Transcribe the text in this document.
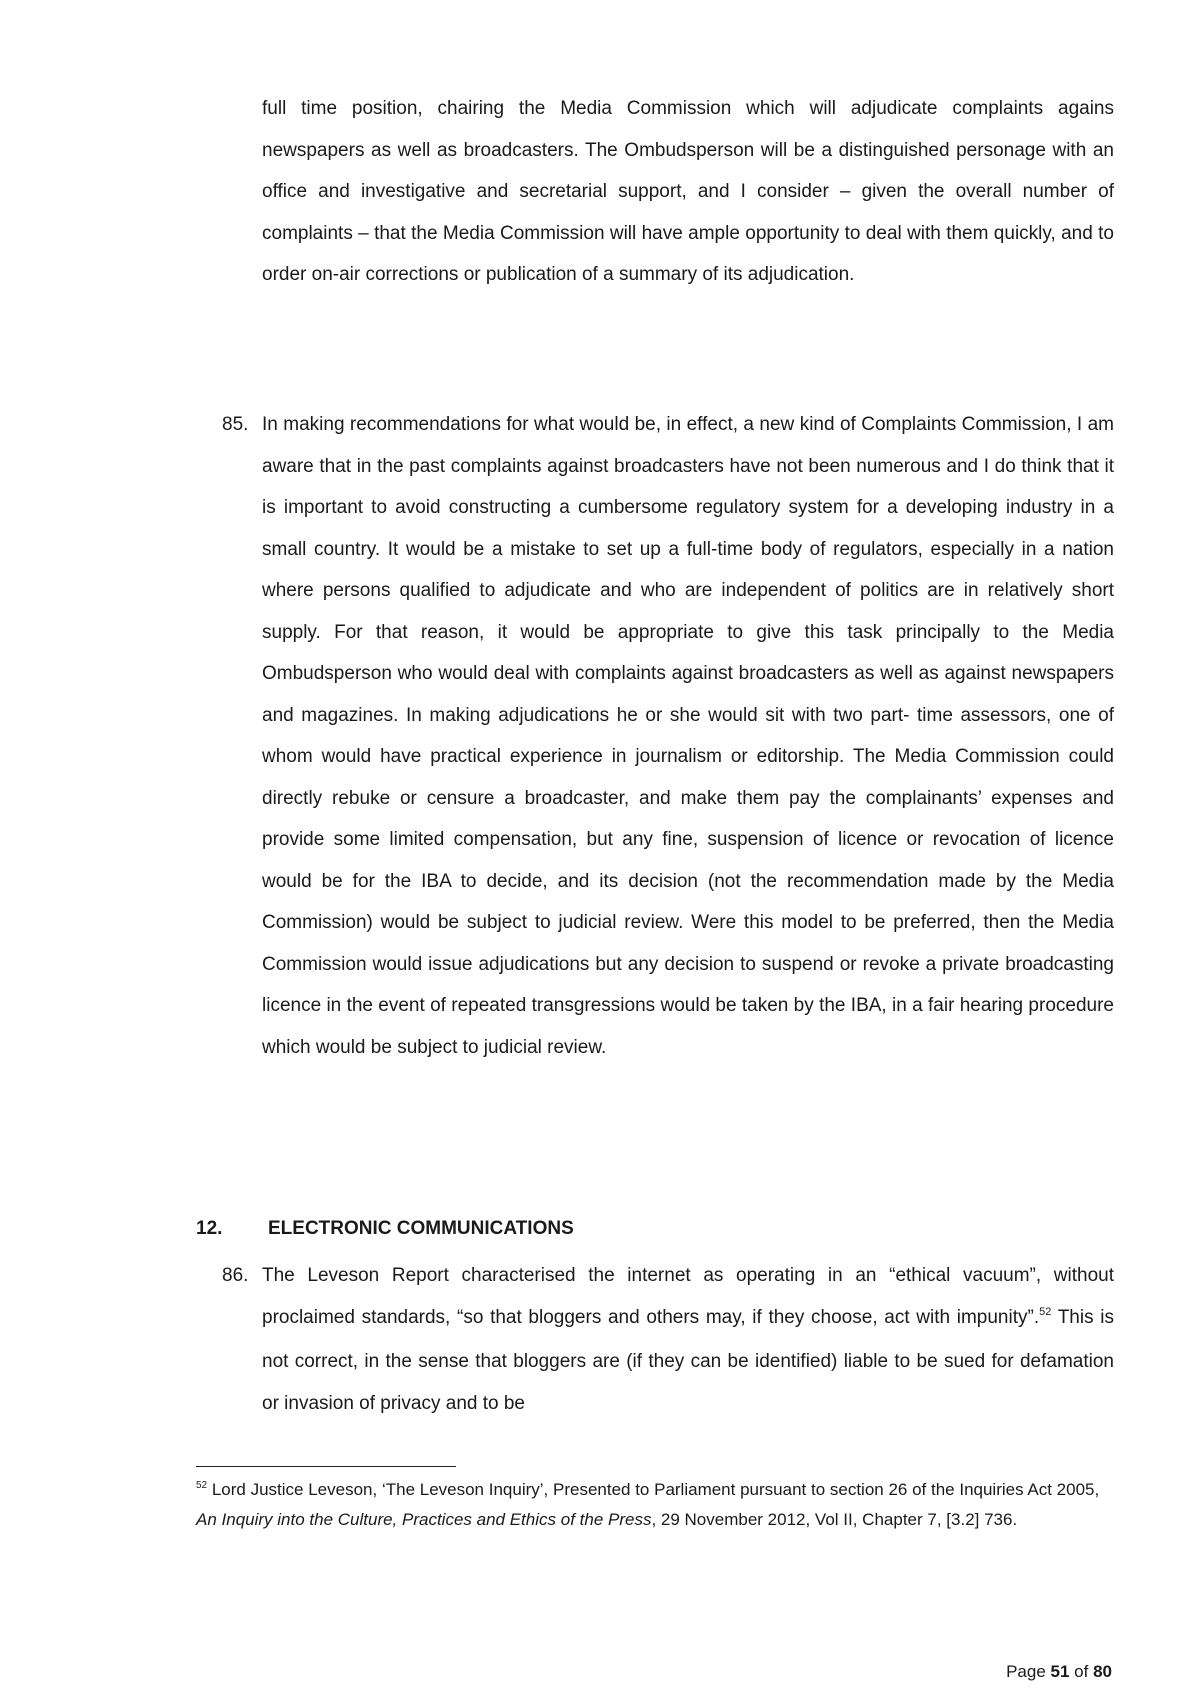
full time position, chairing the Media Commission which will adjudicate complaints agains newspapers as well as broadcasters. The Ombudsperson will be a distinguished personage with an office and investigative and secretarial support, and I consider – given the overall number of complaints – that the Media Commission will have ample opportunity to deal with them quickly, and to order on-air corrections or publication of a summary of its adjudication.
85. In making recommendations for what would be, in effect, a new kind of Complaints Commission, I am aware that in the past complaints against broadcasters have not been numerous and I do think that it is important to avoid constructing a cumbersome regulatory system for a developing industry in a small country. It would be a mistake to set up a full-time body of regulators, especially in a nation where persons qualified to adjudicate and who are independent of politics are in relatively short supply. For that reason, it would be appropriate to give this task principally to the Media Ombudsperson who would deal with complaints against broadcasters as well as against newspapers and magazines. In making adjudications he or she would sit with two part- time assessors, one of whom would have practical experience in journalism or editorship. The Media Commission could directly rebuke or censure a broadcaster, and make them pay the complainants’ expenses and provide some limited compensation, but any fine, suspension of licence or revocation of licence would be for the IBA to decide, and its decision (not the recommendation made by the Media Commission) would be subject to judicial review. Were this model to be preferred, then the Media Commission would issue adjudications but any decision to suspend or revoke a private broadcasting licence in the event of repeated transgressions would be taken by the IBA, in a fair hearing procedure which would be subject to judicial review.
12. ELECTRONIC COMMUNICATIONS
86. The Leveson Report characterised the internet as operating in an “ethical vacuum”, without proclaimed standards, “so that bloggers and others may, if they choose, act with impunity”.$^{52}$ This is not correct, in the sense that bloggers are (if they can be identified) liable to be sued for defamation or invasion of privacy and to be
$^{52}$ Lord Justice Leveson, ‘The Leveson Inquiry’, Presented to Parliament pursuant to section 26 of the Inquiries Act 2005, An Inquiry into the Culture, Practices and Ethics of the Press, 29 November 2012, Vol II, Chapter 7, [3.2] 736.
Page 51 of 80
